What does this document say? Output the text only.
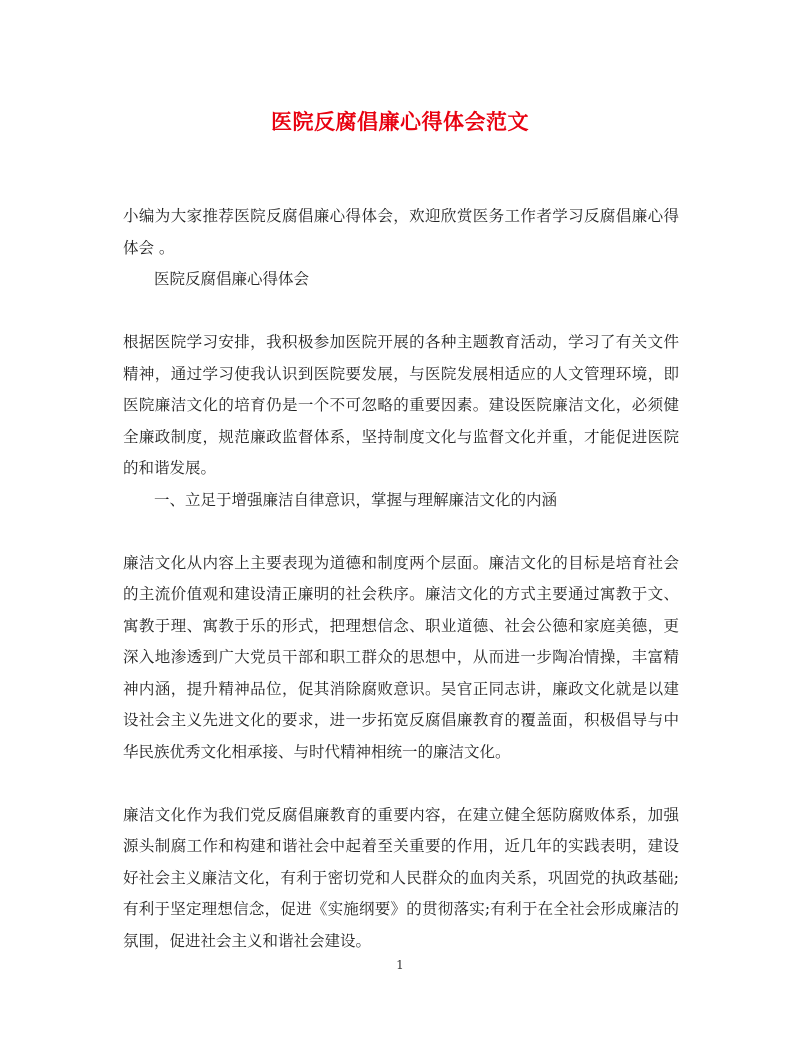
医院反腐倡廉心得体会范文

小编为大家推荐医院反腐倡廉心得体会，欢迎欣赏医务工作者学习反腐倡廉心得体会 。

医院反腐倡廉心得体会

根据医院学习安排，我积极参加医院开展的各种主题教育活动，学习了有关文件精神，通过学习使我认识到医院要发展，与医院发展相适应的人文管理环境，即医院廉洁文化的培育仍是一个不可忽略的重要因素。建设医院廉洁文化，必须健全廉政制度，规范廉政监督体系，坚持制度文化与监督文化并重，才能促进医院的和谐发展。

一、立足于增强廉洁自律意识，掌握与理解廉洁文化的内涵

廉洁文化从内容上主要表现为道德和制度两个层面。廉洁文化的目标是培育社会的主流价值观和建设清正廉明的社会秩序。廉洁文化的方式主要通过寓教于文、寓教于理、寓教于乐的形式，把理想信念、职业道德、社会公德和家庭美德，更深入地渗透到广大党员干部和职工群众的思想中，从而进一步陶冶情操，丰富精神内涵，提升精神品位，促其消除腐败意识。吴官正同志讲，廉政文化就是以建设社会主义先进文化的要求，进一步拓宽反腐倡廉教育的覆盖面，积极倡导与中华民族优秀文化相承接、与时代精神相统一的廉洁文化。

廉洁文化作为我们党反腐倡廉教育的重要内容，在建立健全惩防腐败体系，加强源头制腐工作和构建和谐社会中起着至关重要的作用，近几年的实践表明，建设好社会主义廉洁文化，有利于密切党和人民群众的血肉关系，巩固党的执政基础;有利于坚定理想信念，促进《实施纲要》的贯彻落实;有利于在全社会形成廉洁的氛围，促进社会主义和谐社会建设。

1
